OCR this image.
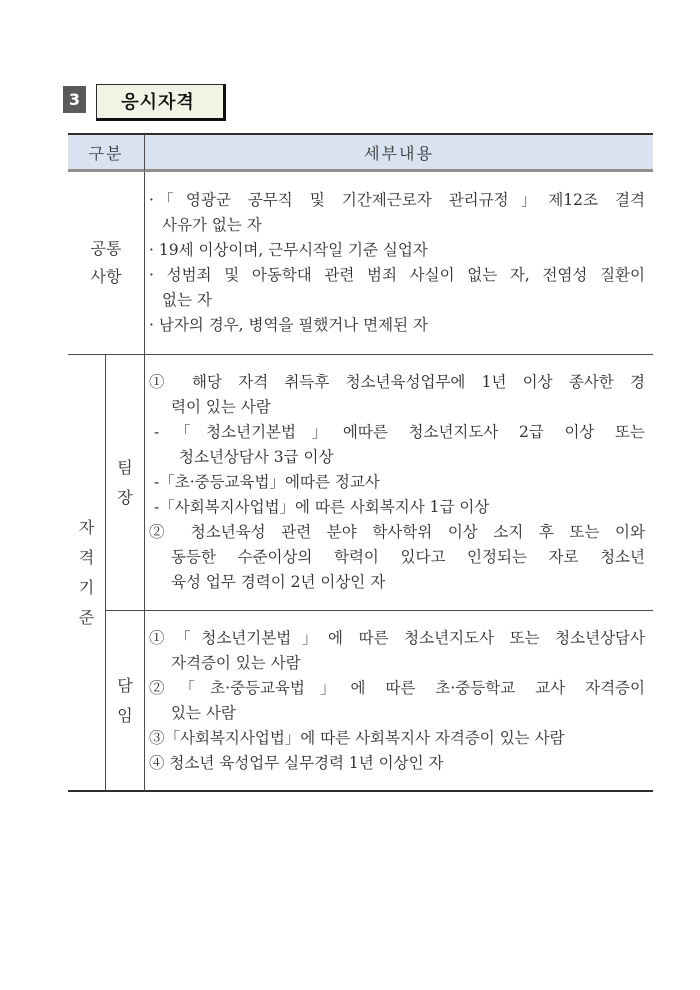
3	응시자격
구분	세부내용
공통
사항
·「영광군 공무직 및 기간제근로자 관리규정」제12조 결격
사유가 없는 자
· 19세 이상이며, 근무시작일 기준 실업자
· 성범죄 및 아동학대 관련 범죄 사실이 없는 자, 전염성 질환이
없는 자
· 남자의 경우, 병역을 필했거나 면제된 자
자
격
기
준
팀
장
① 해당 자격 취득후 청소년육성업무에 1년 이상 종사한 경
력이 있는 사람
-「청소년기본법」에따른 청소년지도사 2급 이상 또는
청소년상담사 3급 이상
-「초·중등교육법」에따른 정교사
-「사회복지사업법」에 따른 사회복지사 1급 이상
② 청소년육성 관련 분야 학사학위 이상 소지 후 또는 이와
동등한 수준이상의 학력이 있다고 인정되는 자로 청소년
육성 업무 경력이 2년 이상인 자
담
임
①「청소년기본법」에 따른 청소년지도사 또는 청소년상담사
자격증이 있는 사람
②「초·중등교육법」에 따른 초·중등학교 교사 자격증이
있는 사람
③「사회복지사업법」에 따른 사회복지사 자격증이 있는 사람
④ 청소년 육성업무 실무경력 1년 이상인 자
